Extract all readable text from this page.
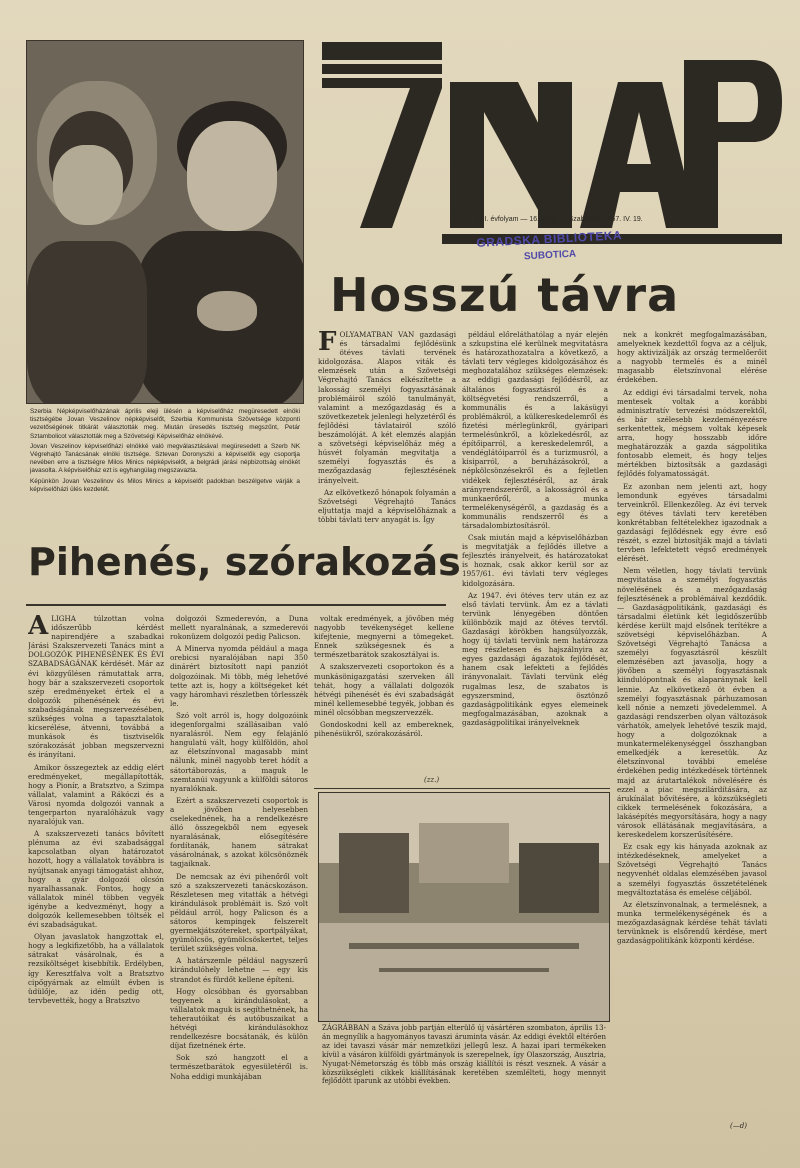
Szerbia Népképviselőházának április eleji ülésén a képviselőház megüresedett elnöki tisztségébe Jovan Veszelinov népképviselőt, Szerbia Kommunista Szövetsége központi vezetőségének titkárát választották meg. Miután üresedés tisztség megszűnt, Petár Sztambolicot választották meg a Szövetségi Képviselőház elnökévé.

Jovan Veszelinov képviselőházi elnökké való megválasztásával megüresedett a Szerb NK Végrehajtó Tanácsának elnöki tisztsége. Sztevan Doronyszki a képviselők egy csoportja nevében erre a tisztségre Milos Minics népképviselőt, a belgrádi járási népbizottság elnökét javasolta. A képviselőház ezt is egyhangúlag megszavazta.

Képünkön Jovan Veszelinov és Milos Minics a képviselőt padokban beszélgetve várják a képviselőházi ülés kezdetét.

XII. évfolyam — 16. szám — Szabadka, 1957. IV. 19.
GRADSKA BIBLIOTEKA
SUBOTICA
Hosszú távra
F OLYAMATBAN VAN gazdasági és társadalmi fejlődésünk ötéves távlati tervének kidolgozása. Alapos viták és elemzések után a Szövetségi Végrehajtó Tanács elkészítette a lakosság személyi fogyasztásának problémáiról szóló tanulmányát, valamint a mezőgazdaság és a szövetkezetek jelenlegi helyzetéről és fejlődési távlatairól szóló beszámolóját. A két elemzés alapján a szövetségi képviselőház még a húsvét folyamán megvitatja a személyi fogyasztás és a mezőgazdaság fejlesztésének irányelveit.

Az elkövetkező hónapok folyamán a Szövetségi Végrehajtó Tanács eljuttatja majd a képviselőháznak a többi távlati terv anyagát is. Így

például előreláthatólag a nyár elején a szkupstina elé kerülnek megvitatásra és határozathozatalra a következő, a távlati terv végleges kidolgozásához és meghozatalához szükséges elemzések: az eddigi gazdasági fejlődésről, az általános fogyasztásról és a költségvetési rendszerről, a kommunális és a lakásügyi problémákról, a külkereskedelemről és fizetési mérlegünkről, gyáripari termelésünkről, a közlekedésről, az építőiparról, a kereskedelemről, a vendéglátóiparról és a turizmusról, a kisiparról, a beruházásokról, a népkölcsönzésekről és a fejletlen vidékek fejlesztéséről, az árak arányrendszeréről, a lakosságról és a munkaerőről, a munka termelékenységéről, a gazdaság és a kommunális rendszerről és a társadalombiztosításról.

Csak miután majd a képviselőházban is megvitatják a fejlődés illetve a fejlesztés irányelveit, és határozatokat is hoznak, csak akkor kerül sor az 1957/61. évi távlati terv végleges kidolgozására.

Az 1947. évi ötéves terv után ez az első távlati tervünk. Ám ez a távlati tervünk lényegében döntően különbözik majd az ötéves tervtől. Gazdasági körökben hangsúlyozzák, hogy új távlati tervünk nem határozza meg részletesen és hajszálnyira az egyes gazdasági ágazatok fejlődését, hanem csak lefekteti a fejlődés irányvonalait. Távlati tervünk elég rugalmas lesz, de szabatos is egyszersmind, ösztönző gazdaságpolitikánk egyes elemeinek megfogalmazásában, azoknak a gazdaságpolitikai irányelveknek

nek a konkrét megfogalmazásában, amelyeknek kezdettől fogva az a céljuk, hogy aktivizálják az ország termelőerőit a nagyobb termelés és a minél magasabb életszínvonal elérése érdekében.

Az eddigi évi társadalmi tervek, noha mentesek voltak a korábbi adminisztratív tervezési módszerektől, és bár szélesebb kezdeményezésre serkentettek, mégsem voltak képesek arra, hogy hosszabb időre meghatározzák a gazda ságpolitika fontosabb elemeit, és hogy teljes mértékben biztosítsák a gazdasági fejlődés folyamatosságát.

Ez azonban nem jelenti azt, hogy lemondunk egyéves társadalmi terveinkről. Ellenkezőleg. Az évi tervek egy ötéves távlati terv keretében konkrétabban feltételekhez igazodnak a gazdasági fejlődésnek egy évre eső részét, s ezzel biztosítják majd a távlati tervben lefektetett végső eredmények elérését.

Nem véletlen, hogy távlati tervünk megvitatása a személyi fogyasztás növelésének és a mezőgazdaság fejlesztésének a problémáival kezdődik. — Gazdaságpolitikánk, gazdasági és társadalmi életünk két legidőszerűbb kérdése került majd elsőnek terítékre a szövetségi képviselőházban. A Szövetségi Végrehajtó Tanácsa a személyi fogyasztásról készült elemzésében azt javasolja, hogy a jövőben a személyi fogyasztásnak kiindulópontnak és alaparánynak kell lennie. Az elkövetkező öt évben a személyi fogyasztásnak párhuzamosan kell nőnie a nemzeti jövedelemmel. A gazdasági rendszerben olyan változások várhatók, amelyek lehetővé teszik majd, hogy a dolgozóknak a munkatermelékenységgel összhangban emelkedjék a keresetük. Az életszínvonal további emelése érdekében pedig intézkedések történnek majd az árutartalékok növelésére és ezzel a piac megszilárdítására, az árukínálat bővítésére, a közszükségleti cikkek termelésének fokozására, a lakásépítés megyorsítására, hogy a nagy városok ellátásának megjavítására, a kereskedelem korszerűsítésére.

Ez csak egy kis hányada azoknak az intézkedéseknek, amelyeket a Szövetségi Végrehajtó Tanács negyvenhét oldalas elemzésében javasol a személyi fogyasztás összetételének megváltoztatása és emelése céljából.

Az életszínvonalnak, a termelésnek, a munka termelékenységének és a mezőgazdaságnak kérdése tehát távlati tervünknek is elsőrendű kérdése, mert gazdaságpolitikánk központi kérdése.

(—d)
Pihenés, szórakozás
A LIGHA túlzottan volna időszerűbb kérdést napirendjére a szabadkai Járási Szakszervezeti Tanács mint a DOLGOZÓK PIHENÉSÉNEK ÉS ÉVI SZABADSÁGÁNAK kérdését. Már az évi közgyűlésen rámutattak arra, hogy bár a szakszervezeti csoportok szép eredményeket értek el a dolgozók pihenésének és évi szabadságának megszervezésében, szükséges volna a tapasztalatok kicserélése, átvenni, továbbá a munkások és tisztviselők szórakozását jobban megszervezni és irányítani.

Amikor összegeztek az eddig elért eredményeket, megállapították, hogy a Pionír, a Bratsztvo, a Szimpa vállalat, valamint a Rákóczi és a Városi nyomda dolgozói vannak a tengerparton nyaralóházuk vagy nyaralójuk van.

A szakszervezeti tanács bővített plénuma az évi szabadsággal kapcsolatban olyan határozatot hozott, hogy a vállalatok továbbra is nyújtsanak anyagi támogatást ahhoz, hogy a gyár dolgozói olcsón nyaralhassanak. Fontos, hogy a vállalatok minél többen vegyék igénybe a kedvezményt, hogy a dolgozók kellemesebben töltsék el évi szabadságukat.

Olyan javaslatok hangzottak el, hogy a legkifizetőbb, ha a vállalatok sátrakat vásárolnak, és a rezsiköltséget kisebbítik. Erdélyben, így Keresztfalva volt a Bratsztvo cipőgyárnak az elmúlt évben is üdülője, az idén pedig ott, tervbevették, hogy a Bratsztvo

dolgozói Szmederevón, a Duna mellett nyaralnának, a szmederevói rokonüzem dolgozói pedig Palicson.

A Minerva nyomda például a maga orebicsi nyaralójában napi 350 dinárért biztosított napi panziót dolgozóinak. Mi több, még lehetővé tette azt is, hogy a költségeket két vagy háromhavi részletben törlesszék le.

Szó volt arról is, hogy dolgozóink idegenforgalmi szállásaiban való nyaralásról. Nem egy felajánló hangulatú vált, hogy külföldön, ahol az életszínvonal magasabb mint nálunk, minél nagyobb teret hódít a sátortáborozás, a maguk le szemtanúi vagyunk a külföldi sátoros nyaralóknak.

Ezért a szakszervezeti csoportok is a jövőben helyesebben cselekednének, ha a rendelkezésre álló összegekből nem egyesek nyaralásának, elősegítésére fordítanák, hanem sátrakat vásárolnának, s azokat kölcsönöznék tagjaiknak.

De nemcsak az évi pihenőről volt szó a szakszervezeti tanácskozáson. Részletesen meg vitatták a hétvégi kirándulások problémáit is. Szó volt például arról, hogy Palicson és a sátoros kempingek felszerelt gyermekjátszótereket, sportpályákat, gyümölcsös, gyümölcsöskertet, teljes terület szükséges volna.

A határszemle például nagyszerű kirándulóhely lehetne — egy kis strandot és fürdőt kellene építeni.

Hogy olcsóbban és gyorsabban tegyenek a kirándulásokat, a vállalatok maguk is segíthetnének, ha teherautóikat és autóbuszaikat a hétvégi kirándulásokhoz rendelkezésre bocsátanák, és külön díjat fizetnének érte.

Sok szó hangzott el a természetbarátok egyesületéről is. Noha eddigi munkájában

voltak eredmények, a jövőben még nagyobb tevékenységet kellene kifejtenie, megnyerni a tömegeket. Ennek szükségesnek és a természetbarátok szakosztályai is.

A szakszervezeti csoportokon és a munkásönigazgatási szerveken áll tehát, hogy a vállalati dolgozók hétvégi pihenését és évi szabadságát minél kellemesebbé tegyék, jobban és minél olcsóbban megszervezzék.

Gondoskodni kell az embereknek, pihenésükről, szórakozásáról.

(zz.)
ZÁGRÁBBAN a Száva jobb partján elterülő új vásártéren szombaton, április 13-án megnyílik a hagyományos tavaszi áruminta vásár. Az eddigi évektől eltérően az idei tavaszi vásár már nemzetközi jellegű lesz. A hazai ipari termékeken kívül a vásáron külföldi gyártmányok is szerepelnek, így Olaszország, Ausztria, Nyugat-Németország és több más ország kiállítói is részt vesznek. A vásár a közszükségleti cikkek kiállításának keretében szemlélteti, hogy mennyit fejlődött iparunk az utóbbi években.
